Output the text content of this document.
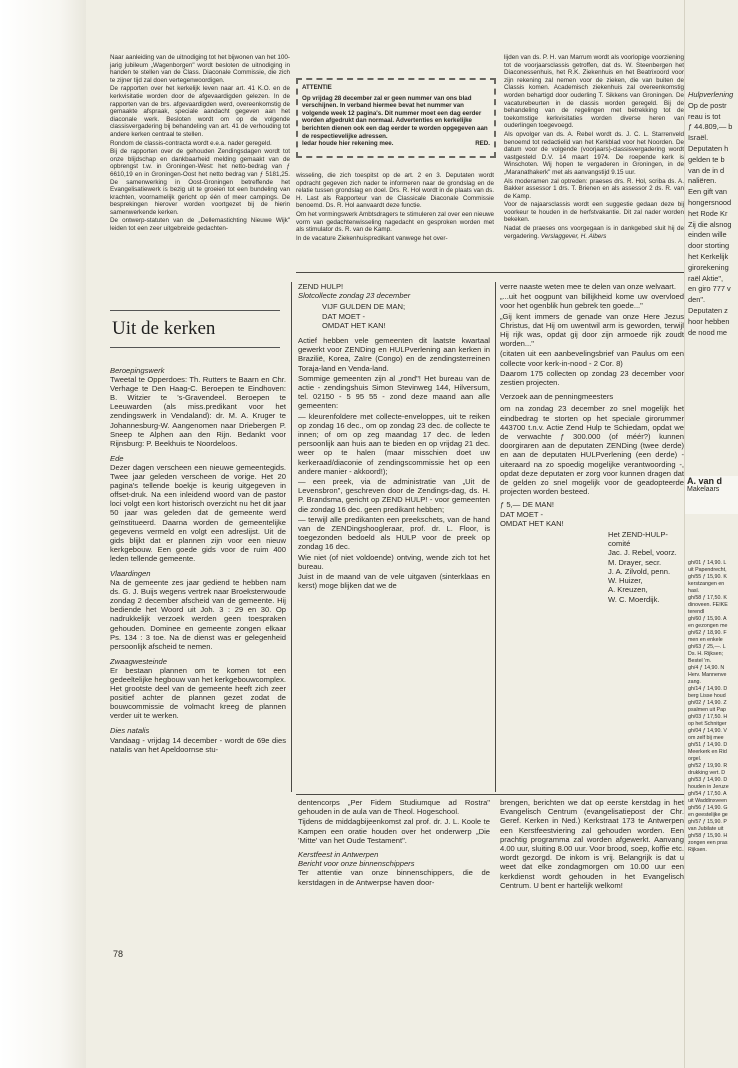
Naar aanleiding van de uitnodiging tot het bijwonen van het 100-jarig jubileum „Wagenborgen" wordt besloten de uitnodiging in handen te stellen van de Class. Diaconale Commissie, die zich te zijner tijd zal doen vertegenwoordigen.

De rapporten over het kerkelijk leven naar art. 41 K.O. en de kerkvisitatie worden door de afgevaardigden gelezen. In de rapporten van de brs. afgevaardigden werd, overeenkomstig de gemaakte afspraak, speciale aandacht gegeven aan het diaconale werk. Besloten wordt om op de volgende classisvergadering bij behandeling van art. 41 de verhouding tot andere kerken centraal te stellen.

Rondom de classis-contracta wordt e.e.a. nader geregeld.

Bij de rapporten over de gehouden Zendingsdagen wordt tot onze blijdschap en dankbaarheid melding gemaakt van de opbrengst t.w. in Groningen-West: het netto-bedrag van ƒ 6610,19 en in Groningen-Oost het netto bedrag van ƒ 5181,25. De samenwerking in Oost-Groningen betreffende het Evangelisatiewerk is bezig uit te groeien tot een bundeling van krachten, voornamelijk gericht op één of meer campings. De besprekingen hierover worden voortgezet bij de hierin samenwerkende kerken.

De ontwerp-statuten van de „Dellemastichting Nieuwe Wijk" leiden tot een zeer uitgebreide gedachten-

ATTENTIE
Op vrijdag 28 december zal er geen nummer van ons blad verschijnen. In verband hiermee bevat het nummer van volgende week 12 pagina's. Dit nummer moet een dag eerder worden afgedrukt dan normaal. Advertenties en kerkelijke berichten dienen ook een dag eerder te worden opgegeven aan de respectievelijke adressen.
Iedar houde hier rekening mee.	RED.

wisseling, die zich toespitst op de art. 2 en 3. Deputaten wordt opdracht gegeven zich nader te informeren naar de grondslag en de relatie tussen grondslag en doel. Drs. R. Hol wordt in de plaats van ds. H. Last als Rapporteur van de Classicale Diaconale Commissie benoemd. Ds. R. Hol aanvaardt deze functie.

Om het vormingswerk Ambtsdragers te stimuleren zal over een nieuwe vorm van gedachtenwisseling nagedacht en gesproken worden met als stimulator ds. R. van de Kamp.

In de vacature Ziekenhuispredikant vanwege het over-

lijden van ds. P. H. van Marrum wordt als voorlopige voorziening tot de voorjaarsclassis getroffen, dat ds. W. Steenbergen het Diaconessenhuis, het R.K. Ziekenhuis en het Beatrixoord voor zijn rekening zal nemen voor de zieken, die van buiten de Classis komen. Academisch ziekenhuis zal overeenkomstig worden behartigd door ouderling T. Sikkens van Groningen. De vacaturebeurten in de classis worden geregeld. Bij de behandeling van de regelingen met betrekking tot de toekomstige kerkvisitaties worden diverse heren van ouderlingen toegevoegd.

Als opvolger van ds. A. Rebel wordt ds. J. C. L. Starrenveld benoemd tot redactielid van het Kerkblad voor het Noorden. De datum voor de volgende (voorjaars)-classisvergadering wordt vastgesteld D.V. 14 maart 1974. De roepende kerk is Winschoten. Wij hopen te vergaderen in Groningen, in de „Maranathakerk" met als aanvangstijd 9.15 uur.

Als moderamen zal optreden: praeses drs. R. Hol, scriba ds. A. Bakker assessor 1 drs. T. Brienen en als assessor 2 ds. R. van de Kamp.

Voor de najaarsclassis wordt een suggestie gedaan deze bij voorkeur te houden in de herfstvakantie. Dit zal nader worden bekeken.

Nadat de praeses ons voorgegaan is in dankgebed sluit hij de vergadering. Verslaggever, H. Albers

Uit de kerken
Beroepingswerk

Tweetal te Opperdoes: Th. Rutters te Baarn en Chr. Verhage te Den Haag-C. Beroepen te Eindhoven: B. Witzier te 's-Gravendeel. Beroepen te Leeuwarden (als miss.predikant voor het zendingswerk in Vendaland): dr. M. A. Kruger te Johannesburg-W. Aangenomen naar Driebergen P. Sneep te Alphen aan den Rijn. Bedankt voor Rijnsburg: P. Beekhuis te Noordeloos.

Ede

Dezer dagen verscheen een nieuwe gemeentegids. Twee jaar geleden verscheen de vorige. Het 20 pagina's tellende boekje is keurig uitgegeven in offset-druk. Na een inleidend woord van de pastor loci volgt een kort historisch overzicht nu het dit jaar 50 jaar was geleden dat de gemeente werd geïnstitueerd. Daarna worden de gemeentelijke gegevens vermeld en volgt een adreslijst. Uit de gids blijkt dat er plannen zijn voor een nieuw kerkgebouw. Een goede gids voor de ruim 400 leden tellende gemeente.

Vlaardingen

Na de gemeente zes jaar gediend te hebben nam ds. G. J. Buijs wegens vertrek naar Broeksterwoude zondag 2 december afscheid van de gemeente. Hij bediende het Woord uit Joh. 3 : 29 en 30. Op nadrukkelijk verzoek werden geen toespraken gehouden. Dominee en gemeente zongen elkaar Ps. 134 : 3 toe. Na de dienst was er gelegenheid persoonlijk afscheid te nemen.

Zwaagwesteinde

Er bestaan plannen om te komen tot een gedeeltelijke hegbouw van het kerkgebouwcomplex. Het grootste deel van de gemeente heeft zich zeer positief achter de plannen gezet zodat de bouwcommissie de volmacht kreeg de plannen verder uit te werken.

Dies natalis

Vandaag - vrijdag 14 december - wordt de 69e dies natalis van het Apeldoornse stu-

ZEND HULP!
Slotcollecte zondag 23 december
VIJF GULDEN DE MAN;
DAT MOET -
OMDAT HET KAN!

Actief hebben vele gemeenten dit laatste kwartaal gewerkt voor ZENDing en HULPverlening aan kerken in Brazilië, Korea, Zaïre (Congo) en de zendingsterreinen Toraja-land en Venda-land.

Sommige gemeenten zijn al „rond"! Het bureau van de actie - zendingshuis Simon Stevinweg 144, Hilversum, tel. 02150 - 5 95 55 - zond deze maand aan alle gemeenten:

— kleurenfoldere met collecte-enveloppes, uit te reiken op zondag 16 dec., om op zondag 23 dec. de collecte te innen; of om op zeg maandag 17 dec. de leden persoonlijk aan huis aan te bieden en op vrijdag 21 dec. weer op te halen (maar misschien doet uw kerkeraad/diaconie of zendingscommissie het op een andere manier - akkoord!);

— een preek, via de administratie van „Uit de Levensbron", geschreven door de Zendings-dag, ds. H. P. Brandsma, gericht op ZEND HULP! - voor gemeenten die zondag 16 dec. geen predikant hebben;

— terwijl alle predikanten een preekschets, van de hand van de ZENDingshoogleraar, prof. dr. L. Floor, is toegezonden bedoeld als HULP voor de preek op zondag 16 dec.

Wie niet (of niet voldoende) ontving, wende zich tot het bureau.

Juist in de maand van de vele uitgaven (sinterklaas en kerst) moge blijken dat we de

verre naaste weten mee te delen van onze welvaart.

„...uit het oogpunt van billijkheid kome uw overvloed voor het ogenblik hun gebrek ten goede..."

„Gij kent immers de genade van onze Here Jezus Christus, dat Hij om uwentwil arm is geworden, terwijl Hij rijk was, opdat gij door zijn armoede rijk zoudt worden..."

(citaten uit een aanbevelingsbrief van Paulus om een collecte voor kerk-in-nood - 2 Cor. 8)

Daarom 175 collecten op zondag 23 december voor zestien projecten.

Verzoek aan de penningmeesters

om na zondag 23 december zo snel mogelijk het eindbedrag te storten op het speciale girorummer 443700 t.n.v. Actie Zend Hulp te Schiedam, opdat we de verwachte ƒ 300.000 (of méér?) kunnen doorgiraren aan de deputaten ZENDing (twee derde) en aan de deputaten HULPverlening (een derde) - uiteraard na zo spoedig mogelijke verantwoording -, opdat deze deputaten er zorg voor kunnen dragen dat de gelden zo snel mogelijk voor de geadopteerde projecten worden besteed.

ƒ 5,— DE MAN!
DAT MOET -
OMDAT HET KAN!
Het ZEND-HULP-comité
Jac. J. Rebel, voorz.
M. Drayer, secr.
J. A. Zilvold, penn.
W. Huizer,
A. Kreuzen,
W. C. Moerdijk.

dentencorps „Per Fidem Studiumque ad Rostra" gehouden in de aula van de Theol. Hogeschool.

Tijdens de middagbijeenkomst zal prof. dr. J. L. Koole te Kampen een oratie houden over het onderwerp „Die 'Mitte' van het Oude Testament".

Kerstfeest in Antwerpen
Bericht voor onze binnenschippers

Ter attentie van onze binnenschippers, die de kerstdagen in de Antwerpse haven door-

brengen, berichten we dat op eerste kerstdag in het Evangelisch Centrum (evangelisatiepost der Chr. Geref. Kerken in Ned.) Kerkstraat 173 te Antwerpen een Kerstfeestviering zal gehouden worden. Een prachtig programma zal worden afgewerkt. Aanvang 4.00 uur, sluiting 8.00 uur. Voor brood, soep, koffie etc. wordt gezorgd. De inkom is vrij. Belangrijk is dat u weet dat elke zondagmorgen om 10.00 uur een kerkdienst wordt gehouden in het Evangelisch Centrum. U bent er hartelijk welkom!

78
Hulpverlening
Op de postr
reau is tot
ƒ 44.809,— b
Israël.
Deputaten h
gelden te b
van de in d
naliëren.
Een gift van
hongersnood
het Rode Kr
Zij die alsnog
einden wille
door storting
het Kerkelijk
girorekening
raël Aktie",
en giro 777 v
den".
Deputaten z
hoor hebben
de nood me
A. van d
Makelaars
gh/01 ƒ 14,90. L
uit Papendrecht,
gh/55 ƒ 15,90. K
kerstzangen en
hasl.
gh/58 ƒ 17,50. K
dinoveen. FEIKE
terendl
gh/60 ƒ 15,90. A
en gezongen me
gh/62 ƒ 18,90. F
men en enkele
gh/63 ƒ 25,—. L
Ds. H. Rijksen;
Bestel 'm.
gh/4 ƒ 14,90. N
Herv. Mannenve
zang.
gh/14 ƒ 14,90. D
berg Lisse houd
gh/02 ƒ 14,90. Z
psalmen uit Pap
gh/03 ƒ 17,50. H
op het Schnitger
gh/04 ƒ 14,90. V
om zelf bij mee
gh/51 ƒ 14,90. D
Meerkerk en Rid
orgel.
gh/52 ƒ 19,90. R
drukking vert. D
gh/53 ƒ 14,90. D
houden in Jeruze
gh/54 ƒ 17,50. A
uit Waddinxveen
gh/56 ƒ 14,90. G
en geestelijke ge
gh/57 ƒ 15,90. P
van Jubilate uit
gh/58 ƒ 15,90. H
zongen een pras
Rijksen.
